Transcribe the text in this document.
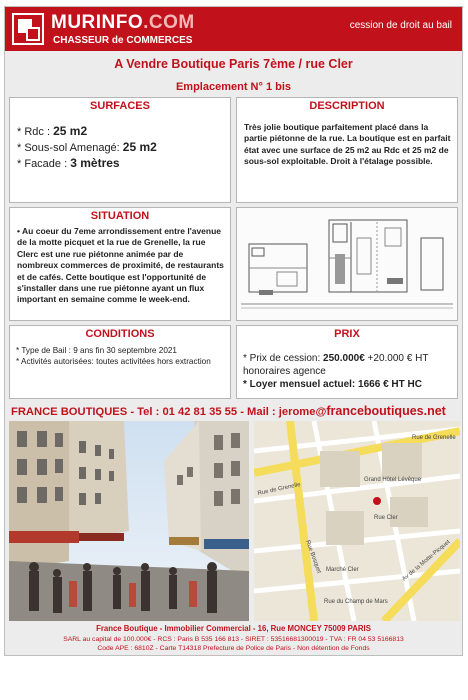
MURINFO.COM
CHASSEUR de COMMERCES
cession de droit au bail
A Vendre Boutique Paris 7ème / rue Cler
Emplacement N° 1 bis
SURFACES

* Rdc : 25 m2

* Sous-sol Amenagé: 25 m2

* Facade : 3 mètres

DESCRIPTION
Très jolie boutique parfaitement placé dans la partie piétonne de la rue. La boutique est en parfait état avec une surface de 25 m2 au Rdc et 25 m2 de sous-sol exploitable. Droit à l'étalage possible.
SITUATION
• Au coeur du 7eme arrondissement entre l'avenue de la motte picquet et la rue de Grenelle, la rue Clerc est une rue piétonne animée par de nombreux commerces de proximité, de restaurants et de cafés. Cette boutique est l'opportunité de s'installer dans une rue piétonne ayant un flux important en semaine comme le week-end.
CONDITIONS

* Type de Bail : 9 ans fin 30 septembre 2021

* Activités autorisées: toutes activitées hors extraction

PRIX

* Prix de cession: 250.000€ +20.000 € HT honoraires agence

* Loyer mensuel actuel: 1666 € HT HC

FRANCE BOUTIQUES - Tel : 01 42 81 35 55 - Mail : jerome@franceboutiques.net
Rue de Grenelle
Rue de Grenelle
Rue Bosquet
Grand Hôtel Lévêque
Rue Cler
Marché Cler	Av de la Motte-Picquet
Rue du Champ de Mars
France Boutique - Immobilier Commercial - 16, Rue MONCEY 75009 PARIS
SARL au capital de 100.000€ - RCS : Paris B 535 166 813 - SIRET : 53516681300019 - TVA : FR 04 53 5166813
Code APE : 6810Z - Carte T14318 Prefecture de Police de Paris - Non détention de Fonds
